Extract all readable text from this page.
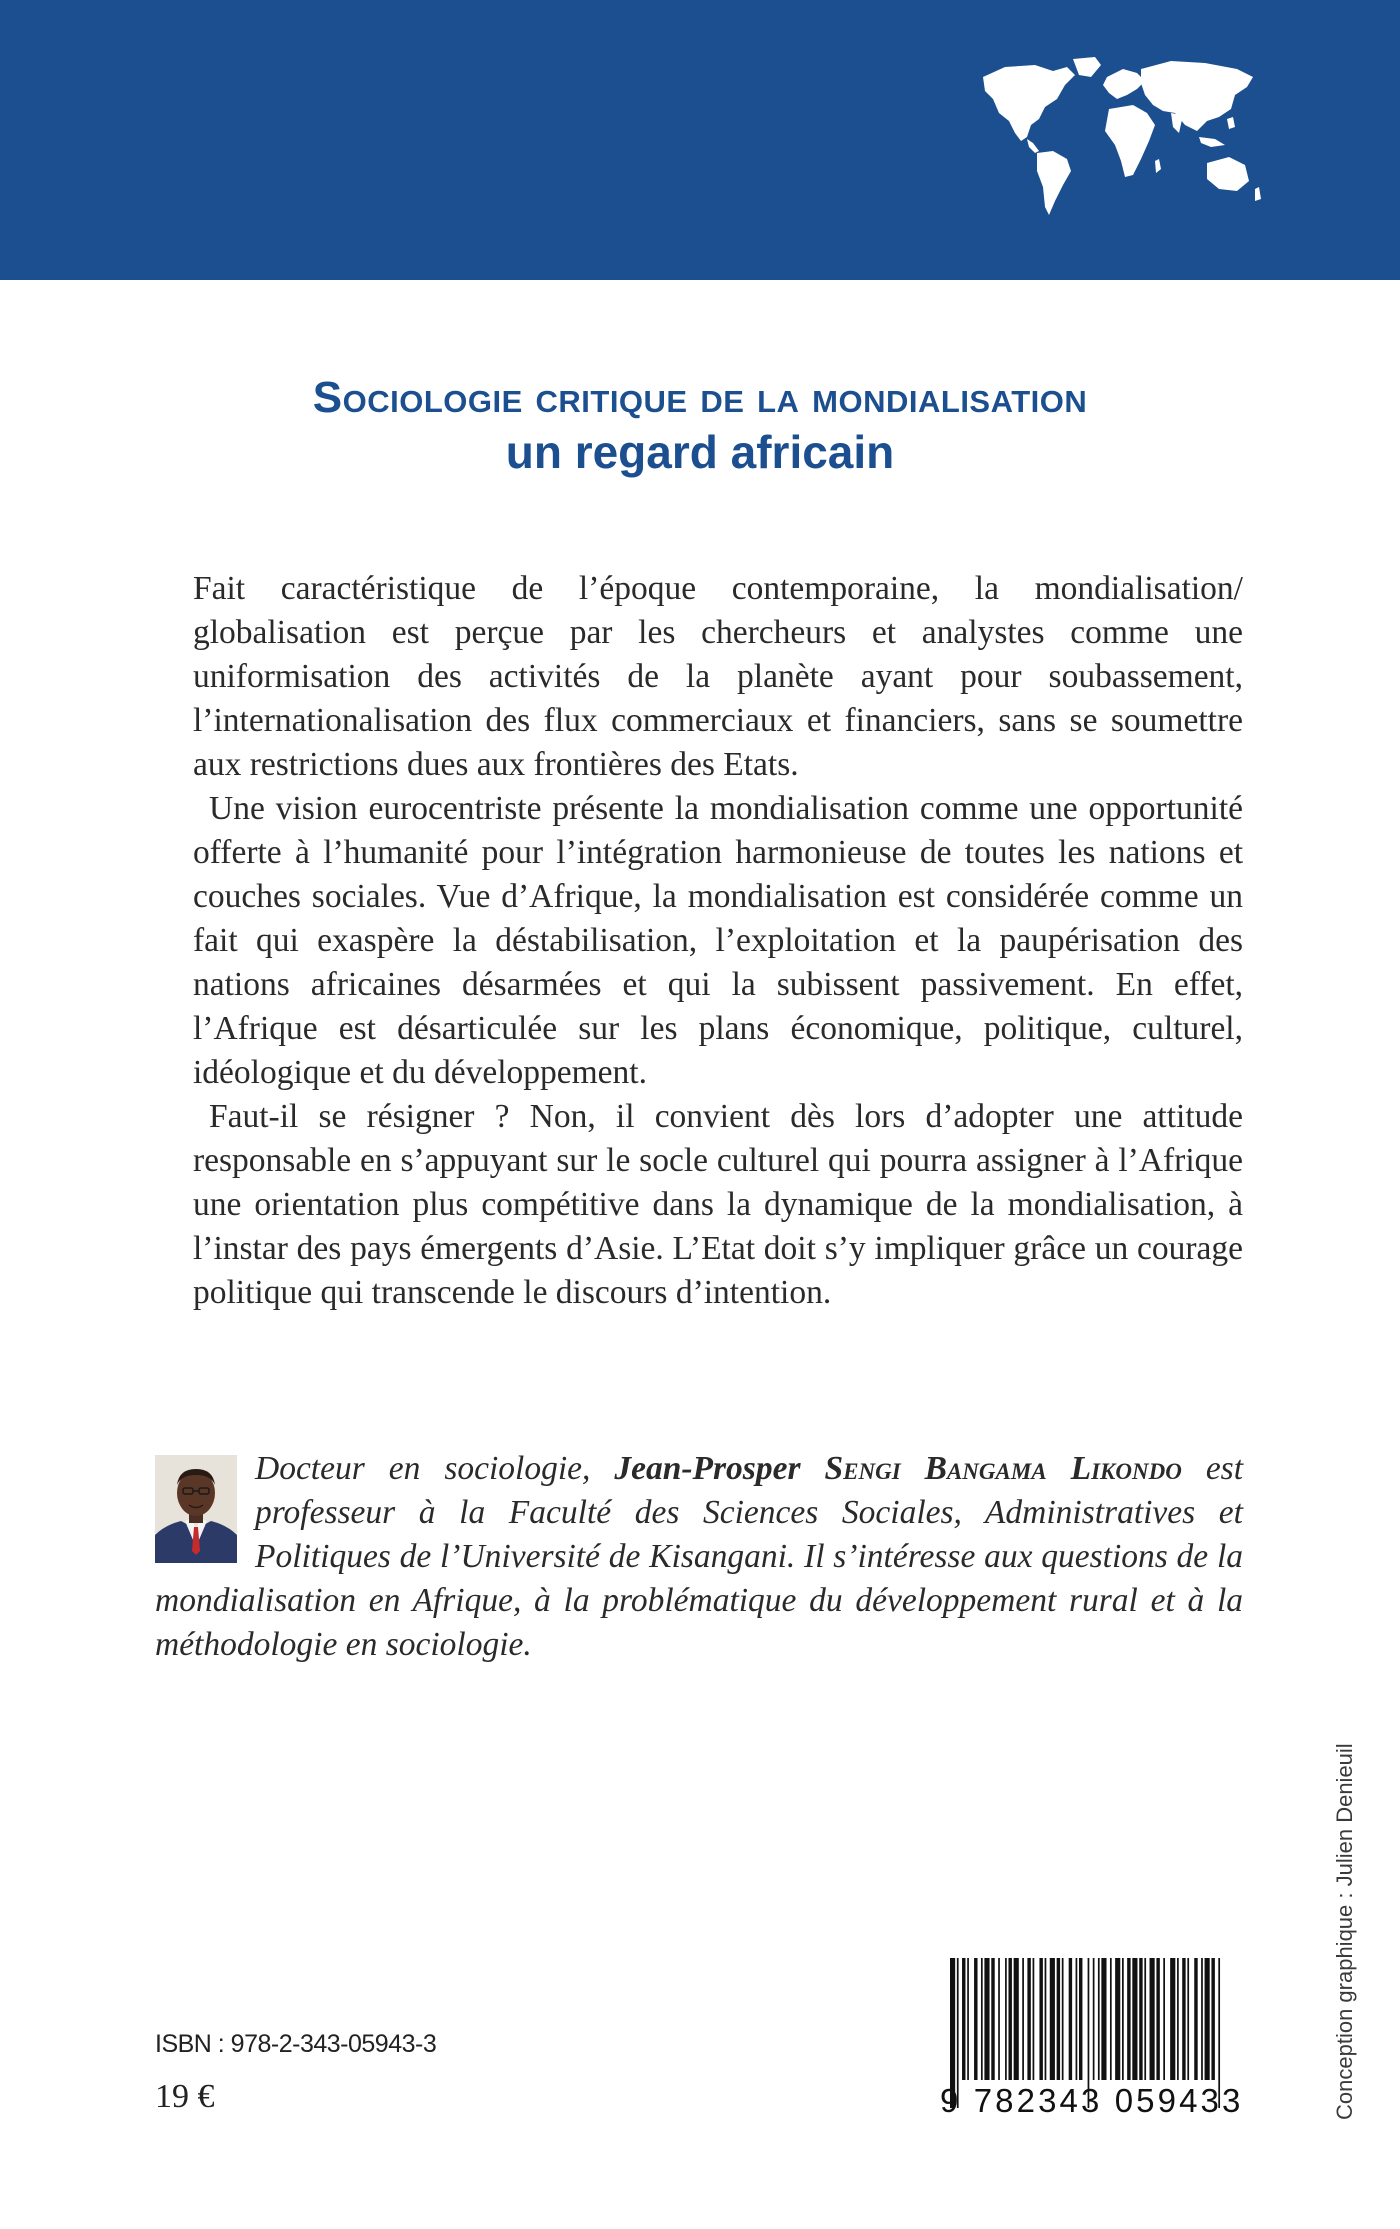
Sociologie critique de la mondialisation
un regard africain

Fait caractéristique de l’époque contemporaine, la mondialisation/ globalisation est perçue par les chercheurs et analystes comme une uniformisation des activités de la planète ayant pour soubassement, l’internationalisation des flux commerciaux et financiers, sans se soumettre aux restrictions dues aux frontières des Etats.

Une vision eurocentriste présente la mondialisation comme une opportunité offerte à l’humanité pour l’intégration harmonieuse de toutes les nations et couches sociales. Vue d’Afrique, la mondialisation est considérée comme un fait qui exaspère la déstabilisation, l’exploitation et la paupérisation des nations africaines désarmées et qui la subissent passivement. En effet, l’Afrique est désarticulée sur les plans économique, politique, culturel, idéologique et du développement.

Faut-il se résigner ? Non, il convient dès lors d’adopter une attitude responsable en s’appuyant sur le socle culturel qui pourra assigner à l’Afrique une orientation plus compétitive dans la dynamique de la mondialisation, à l’instar des pays émergents d’Asie. L’Etat doit s’y impliquer grâce un courage politique qui transcende le discours d’intention.

Docteur en sociologie, Jean-Prosper Sengi Bangama Likondo est professeur à la Faculté des Sciences Sociales, Administratives et Politiques de l’Université de Kisangani. Il s’intéresse aux questions de la mondialisation en Afrique, à la problématique du développement rural et à la méthodologie en sociologie.
Conception graphique : Julien Denieuil
ISBN : 978-2-343-05943-3
19 €	9 782343 059433
